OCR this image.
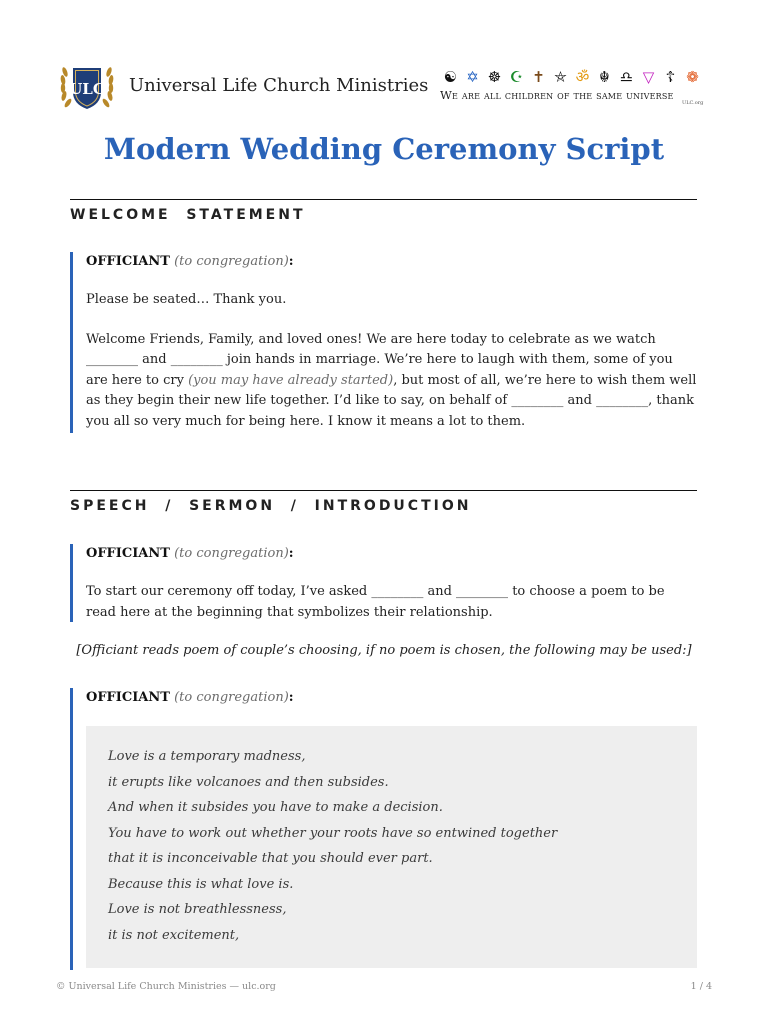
ULC Universal Life Church Ministries ☯ ✡ ☸ ☪ ✝ ⛤ ॐ ☬ ♎ ▽ ☦ ❁
We are all children of the same universe
ULC.org
Modern Wedding Ceremony Script
WELCOME  STATEMENT

OFFICIANT (to congregation):

Please be seated… Thank you.

Welcome Friends, Family, and loved ones! We are here today to celebrate as we watch ________ and ________ join hands in marriage. We’re here to laugh with them, some of you are here to cry (you may have already started), but most of all, we’re here to wish them well as they begin their new life together. I’d like to say, on behalf of ________ and ________, thank you all so very much for being here. I know it means a lot to them.

SPEECH  /  SERMON  /  INTRODUCTION

OFFICIANT (to congregation):

To start our ceremony off today, I’ve asked ________ and ________ to choose a poem to be read here at the beginning that symbolizes their relationship.

[Officiant reads poem of couple’s choosing, if no poem is chosen, the following may be used:]

OFFICIANT (to congregation):

Love is a temporary madness,

it erupts like volcanoes and then subsides.

And when it subsides you have to make a decision.

You have to work out whether your roots have so entwined together

that it is inconceivable that you should ever part.

Because this is what love is.

Love is not breathlessness,

it is not excitement,

© Universal Life Church Ministries — ulc.org	1 / 4
